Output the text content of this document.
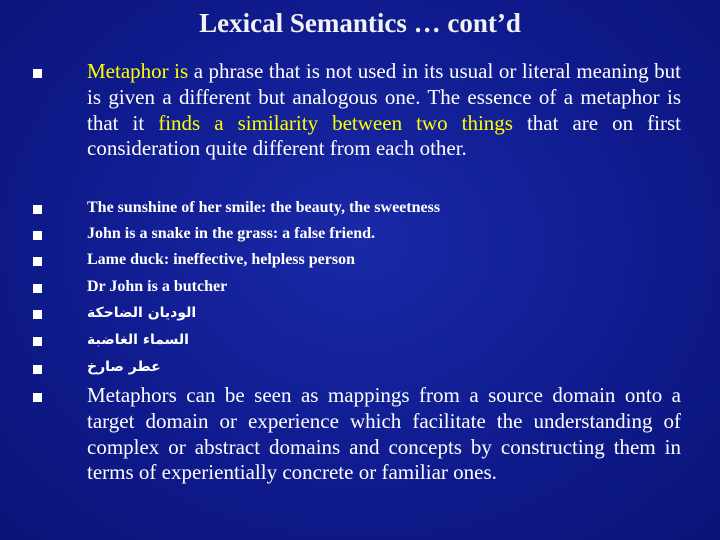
Lexical Semantics … cont’d
Metaphor is a phrase that is not used in its usual or literal meaning but is given a different but analogous one. The essence of a metaphor is that it finds a similarity between two things that are on first consideration quite different from each other.
The sunshine of her smile: the beauty, the sweetness
John is a snake in the grass: a false friend.
Lame duck: ineffective, helpless person
Dr John is a butcher
الوديان الضاحكة
السماء الغاضبة
عطر صارخ
Metaphors can be seen as mappings from a source domain onto a target domain or experience which facilitate the understanding of complex or abstract domains and concepts by constructing them in terms of experientially concrete or familiar ones.
